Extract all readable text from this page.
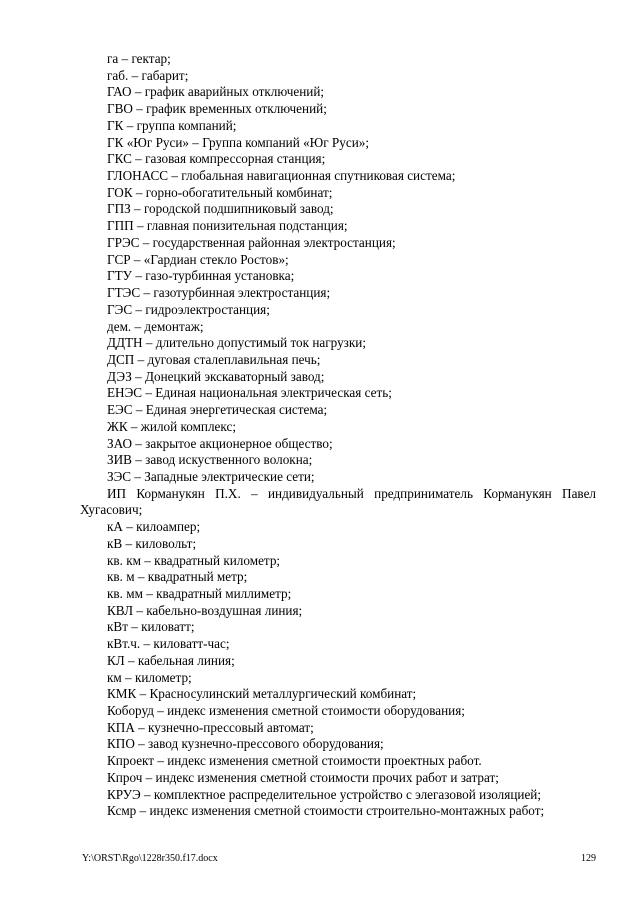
га – гектар;
габ. – габарит;
ГАО – график аварийных отключений;
ГВО – график временных отключений;
ГК – группа компаний;
ГК «Юг Руси» – Группа компаний «Юг Руси»;
ГКС – газовая компрессорная станция;
ГЛОНАСС – глобальная навигационная спутниковая система;
ГОК – горно-обогатительный комбинат;
ГПЗ – городской подшипниковый завод;
ГПП – главная понизительная подстанция;
ГРЭС – государственная районная электростанция;
ГСР – «Гардиан стекло Ростов»;
ГТУ – газо-турбинная установка;
ГТЭС – газотурбинная электростанция;
ГЭС – гидроэлектростанция;
дем. – демонтаж;
ДДТН – длительно допустимый ток нагрузки;
ДСП – дуговая сталеплавильная печь;
ДЭЗ – Донецкий экскаваторный завод;
ЕНЭС – Единая национальная электрическая сеть;
ЕЭС – Единая энергетическая система;
ЖК – жилой комплекс;
ЗАО – закрытое акционерное общество;
ЗИВ – завод искуственного волокна;
ЗЭС – Западные электрические сети;
ИП Корманукян П.Х. – индивидуальный предприниматель Корманукян Павел Хугасович;
кА – килоампер;
кВ – киловольт;
кв. км – квадратный километр;
кв. м – квадратный метр;
кв. мм – квадратный миллиметр;
КВЛ – кабельно-воздушная линия;
кВт – киловатт;
кВт.ч. – киловатт-час;
КЛ – кабельная линия;
км – километр;
КМК – Красносулинский металлургический комбинат;
Коборуд – индекс изменения сметной стоимости оборудования;
КПА – кузнечно-прессовый автомат;
КПО – завод кузнечно-прессового оборудования;
Кпроект – индекс изменения сметной стоимости проектных работ.
Кпроч – индекс изменения сметной стоимости прочих работ и затрат;
КРУЭ – комплектное распределительное устройство с элегазовой изоляцией;
Ксмр – индекс изменения сметной стоимости строительно-монтажных работ;
Y:\ORST\Rgo\1228r350.f17.docx	129
